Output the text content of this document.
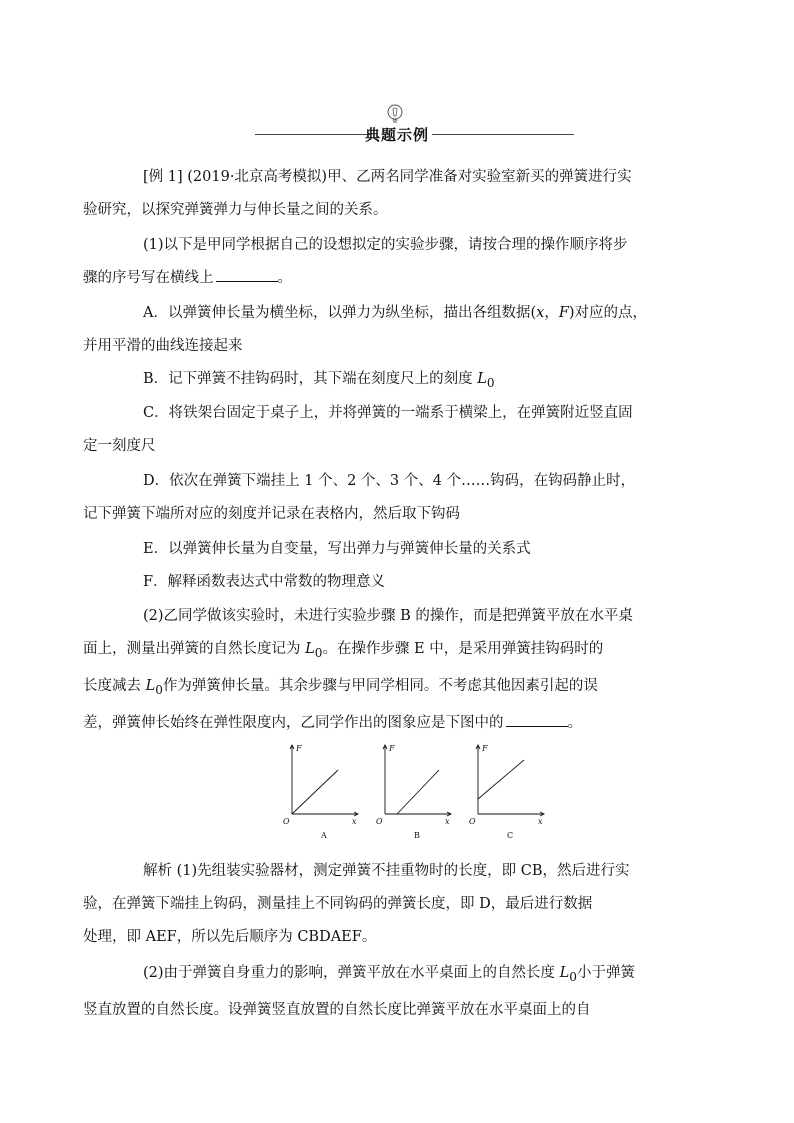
典题示例
[例 1] (2019·北京高考模拟)甲、乙两名同学准备对实验室新买的弹簧进行实
验研究，以探究弹簧弹力与伸长量之间的关系。
(1)以下是甲同学根据自己的设想拟定的实验步骤，请按合理的操作顺序将步
骤的序号写在横线上	。
A．以弹簧伸长量为横坐标，以弹力为纵坐标，描出各组数据(x，F)对应的点，
并用平滑的曲线连接起来
B．记下弹簧不挂钩码时，其下端在刻度尺上的刻度 $L_0$
C．将铁架台固定于桌子上，并将弹簧的一端系于横梁上，在弹簧附近竖直固
定一刻度尺
D．依次在弹簧下端挂上 1 个、2 个、3 个、4 个……钩码，在钩码静止时，
记下弹簧下端所对应的刻度并记录在表格内，然后取下钩码
E．以弹簧伸长量为自变量，写出弹力与弹簧伸长量的关系式
F．解释函数表达式中常数的物理意义
(2)乙同学做该实验时，未进行实验步骤 B 的操作，而是把弹簧平放在水平桌
面上，测量出弹簧的自然长度记为 $L_0$。在操作步骤 E 中，是采用弹簧挂钩码时的
长度减去 $L_0$作为弹簧伸长量。其余步骤与甲同学相同。不考虑其他因素引起的误
差，弹簧伸长始终在弹性限度内，乙同学作出的图象应是下图中的	。
F
x
O
A
F
x
O
B
F
x
O
C
解析 (1)先组装实验器材，测定弹簧不挂重物时的长度，即 CB，然后进行实
验，在弹簧下端挂上钩码，测量挂上不同钩码的弹簧长度，即 D，最后进行数据
处理，即 AEF，所以先后顺序为 CBDAEF。
(2)由于弹簧自身重力的影响，弹簧平放在水平桌面上的自然长度 $L_0$小于弹簧
竖直放置的自然长度。设弹簧竖直放置的自然长度比弹簧平放在水平桌面上的自
